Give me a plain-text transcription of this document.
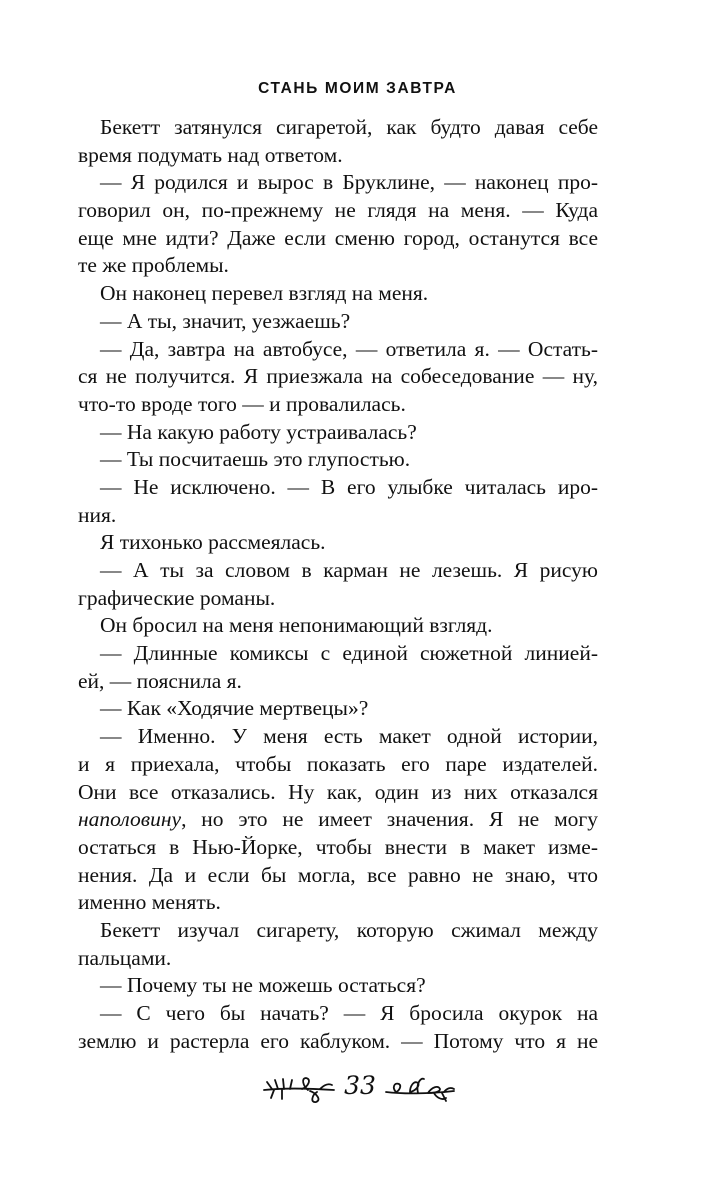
СТАНЬ МОИМ ЗАВТРА
Бекетт затянулся сигаретой, как будто давая себе
время подумать над ответом.
— Я родился и вырос в Бруклине, — наконец про-
говорил он, по-прежнему не глядя на меня. — Куда
еще мне идти? Даже если сменю город, останутся все
те же проблемы.
Он наконец перевел взгляд на меня.
— А ты, значит, уезжаешь?
— Да, завтра на автобусе, — ответила я. — Остать-
ся не получится. Я приезжала на собеседование — ну,
что-то вроде того — и провалилась.
— На какую работу устраивалась?
— Ты посчитаешь это глупостью.
— Не исключено. — В его улыбке читалась иро-
ния.
Я тихонько рассмеялась.
— А ты за словом в карман не лезешь. Я рисую
графические романы.
Он бросил на меня непонимающий взгляд.
— Длинные комиксы с единой сюжетной линией-
ей, — пояснила я.
— Как «Ходячие мертвецы»?
— Именно. У меня есть макет одной истории,
и я приехала, чтобы показать его паре издателей.
Они все отказались. Ну как, один из них отказался
наполовину, но это не имеет значения. Я не могу
остаться в Нью-Йорке, чтобы внести в макет изме-
нения. Да и если бы могла, все равно не знаю, что
именно менять.
Бекетт изучал сигарету, которую сжимал между
пальцами.
— Почему ты не можешь остаться?
— С чего бы начать? — Я бросила окурок на
землю и растерла его каблуком. — Потому что я не
33
